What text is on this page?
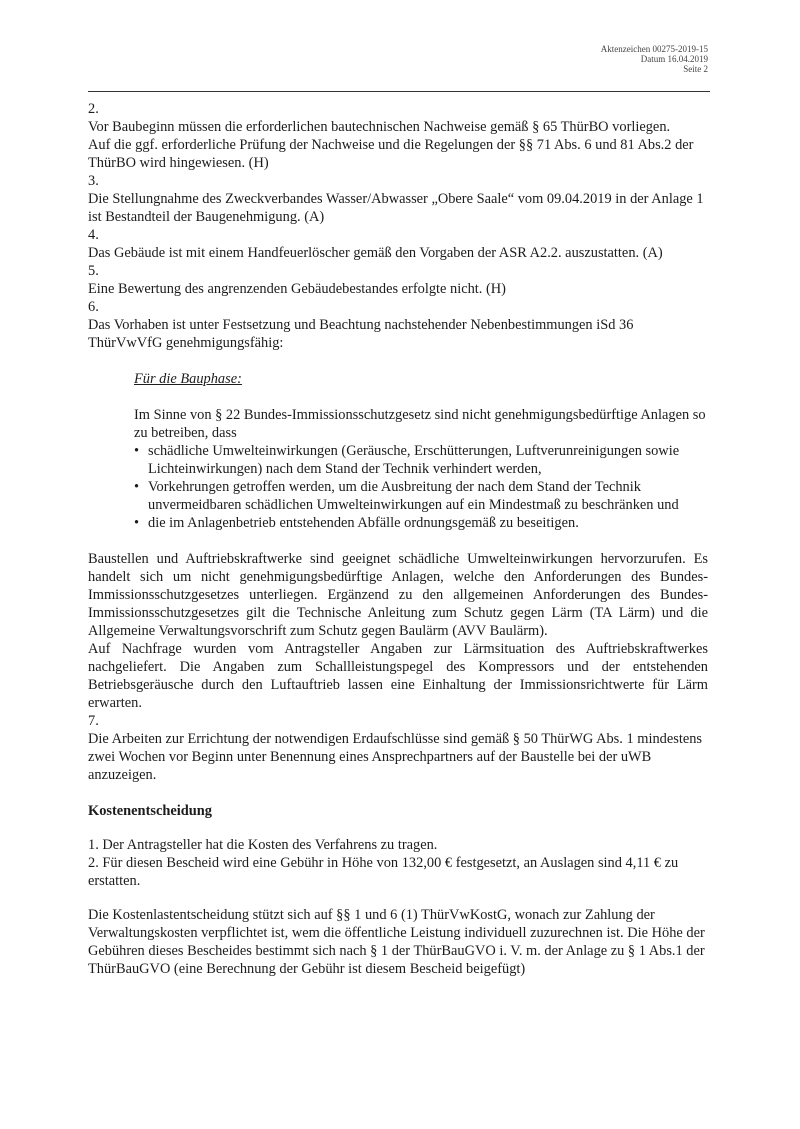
Aktenzeichen 00275-2019-15
Datum 16.04.2019
Seite 2

2.

Vor Baubeginn müssen die erforderlichen bautechnischen Nachweise gemäß § 65 ThürBO vorliegen.

Auf die ggf. erforderliche Prüfung der Nachweise und die Regelungen der §§ 71 Abs. 6 und 81 Abs.2 der ThürBO wird hingewiesen. (H)

3.

Die Stellungnahme des Zweckverbandes Wasser/Abwasser „Obere Saale“ vom 09.04.2019 in der Anlage 1 ist Bestandteil der Baugenehmigung. (A)

4.

Das Gebäude ist mit einem Handfeuerlöscher gemäß den Vorgaben der ASR A2.2. auszustatten. (A)

5.

Eine Bewertung des angrenzenden Gebäudebestandes erfolgte nicht. (H)

6.

Das Vorhaben ist unter Festsetzung und Beachtung nachstehender Nebenbestimmungen iSd 36 ThürVwVfG genehmigungsfähig:

Für die Bauphase:

Im Sinne von § 22 Bundes-Immissionsschutzgesetz sind nicht genehmigungsbedürftige Anlagen so zu betreiben, dass

• schädliche Umwelteinwirkungen (Geräusche, Erschütterungen, Luftverunreinigungen sowie Lichteinwirkungen) nach dem Stand der Technik verhindert werden,
• Vorkehrungen getroffen werden, um die Ausbreitung der nach dem Stand der Technik unvermeidbaren schädlichen Umwelteinwirkungen auf ein Mindestmaß zu beschränken und
• die im Anlagenbetrieb entstehenden Abfälle ordnungsgemäß zu beseitigen.

Baustellen und Auftriebskraftwerke sind geeignet schädliche Umwelteinwirkungen hervorzurufen. Es handelt sich um nicht genehmigungsbedürftige Anlagen, welche den Anforderungen des Bundes-Immissionsschutzgesetzes unterliegen. Ergänzend zu den allgemeinen Anforderungen des Bundes-Immissionsschutzgesetzes gilt die Technische Anleitung zum Schutz gegen Lärm (TA Lärm) und die Allgemeine Verwaltungsvorschrift zum Schutz gegen Baulärm (AVV Baulärm).

Auf Nachfrage wurden vom Antragsteller Angaben zur Lärmsituation des Auftriebskraftwerkes nachgeliefert. Die Angaben zum Schallleistungspegel des Kompressors und der entstehenden Betriebsgeräusche durch den Luftauftrieb lassen eine Einhaltung der Immissionsrichtwerte für Lärm erwarten.

7.

Die Arbeiten zur Errichtung der notwendigen Erdaufschlüsse sind gemäß § 50 ThürWG Abs. 1 mindestens zwei Wochen vor Beginn unter Benennung eines Ansprechpartners auf der Baustelle bei der uWB anzuzeigen.

Kostenentscheidung

1. Der Antragsteller hat die Kosten des Verfahrens zu tragen.

2. Für diesen Bescheid wird eine Gebühr in Höhe von 132,00 € festgesetzt, an Auslagen sind 4,11 € zu erstatten.

Die Kostenlastentscheidung stützt sich auf §§ 1 und 6 (1) ThürVwKostG, wonach zur Zahlung der Verwaltungskosten verpflichtet ist, wem die öffentliche Leistung individuell zuzurechnen ist. Die Höhe der Gebühren dieses Bescheides bestimmt sich nach § 1 der ThürBauGVO i. V. m. der Anlage zu § 1 Abs.1 der ThürBauGVO (eine Berechnung der Gebühr ist diesem Bescheid beigefügt)
